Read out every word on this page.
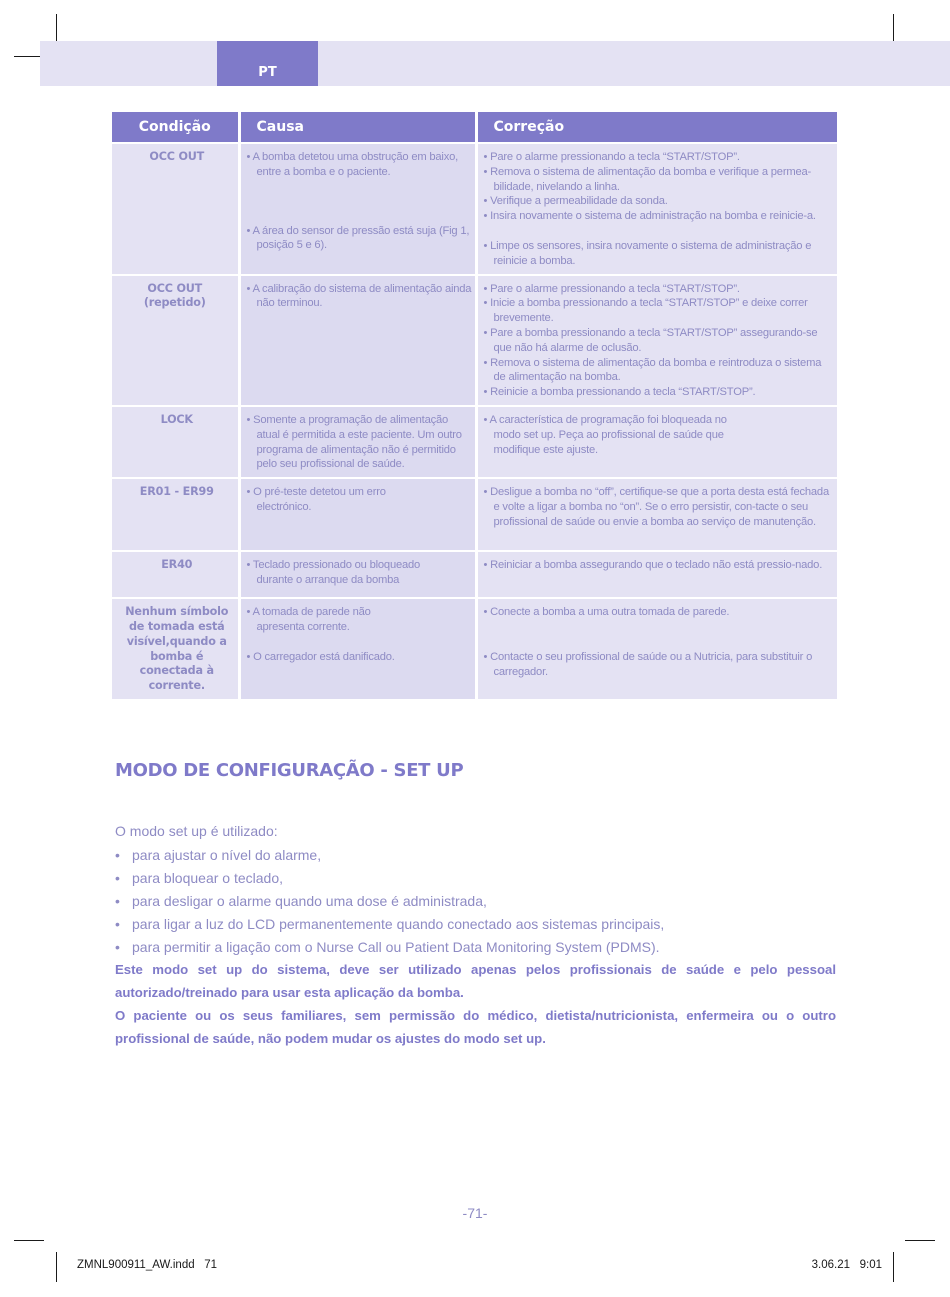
PT
Condição	Causa	Correção
OCC OUT	• A bomba detetou uma obstrução em baixo, entre a bomba e o paciente.
• A área do sensor de pressão está suja (Fig 1, posição 5 e 6).	• Pare o alarme pressionando a tecla “START/STOP”.
• Remova o sistema de alimentação da bomba e verifique a permea-bilidade, nivelando a linha.
• Verifique a permeabilidade da sonda.
• Insira novamente o sistema de administração na bomba e reinicie-a.
• Limpe os sensores, insira novamente o sistema de administração e reinicie a bomba.

OCC OUT (repetido)	• A calibração do sistema de alimentação ainda não terminou.	• Pare o alarme pressionando a tecla “START/STOP”.
• Inicie a bomba pressionando a tecla “START/STOP” e deixe correr brevemente.
• Pare a bomba pressionando a tecla “START/STOP” assegurando-se que não há alarme de oclusão.
• Remova o sistema de alimentação da bomba e reintroduza o sistema de alimentação na bomba.
• Reinicie a bomba pressionando a tecla “START/STOP”.

LOCK	• Somente a programação de alimentação atual é permitida a este paciente. Um outro programa de alimentação não é permitido pelo seu profissional de saúde.	• A característica de programação foi bloqueada no modo set up. Peça ao profissional de saúde que modifique este ajuste.

ER01 - ER99	• O pré-teste detetou um erro electrónico.	• Desligue a bomba no “off”, certifique-se que a porta desta está fechada e volte a ligar a bomba no “on”. Se o erro persistir, con-tacte o seu profissional de saúde ou envie a bomba ao serviço de manutenção.

ER40	• Teclado pressionado ou bloqueado durante o arranque da bomba	• Reiniciar a bomba assegurando que o teclado não está pressio-nado.

Nenhum símbolo de tomada está visível,quando a bomba é conectada à corrente.	• A tomada de parede não apresenta corrente.
• O carregador está danificado.	• Conecte a bomba a uma outra tomada de parede.
• Contacte o seu profissional de saúde ou a Nutricia, para substituir o carregador.
MODO DE CONFIGURAÇÃO - SET UP
O modo set up é utilizado:
• para ajustar o nível do alarme,
• para bloquear o teclado,
• para desligar o alarme quando uma dose é administrada,
• para ligar a luz do LCD permanentemente quando conectado aos sistemas principais,
• para permitir a ligação com o Nurse Call ou Patient Data Monitoring System (PDMS).

Este modo set up do sistema, deve ser utilizado apenas pelos profissionais de saúde e pelo pessoal autorizado/treinado para usar esta aplicação da bomba.

O paciente ou os seus familiares, sem permissão do médico, dietista/nutricionista, enfermeira ou o outro profissional de saúde, não podem mudar os ajustes do modo set up.

-71-
ZMNL900911_AW.indd   71	3.06.21   9:01
